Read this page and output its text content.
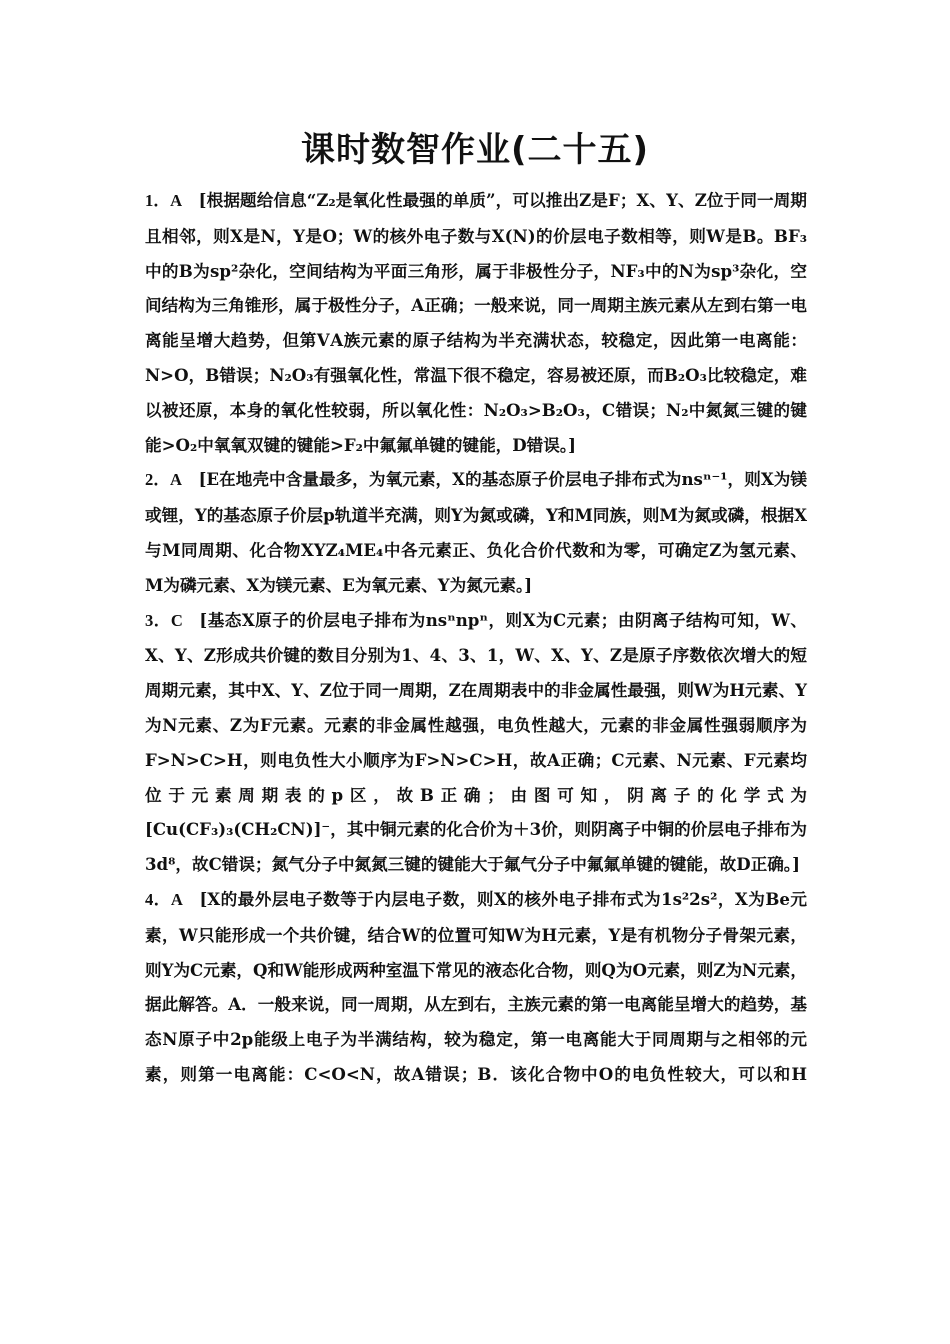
课时数智作业(二十五)

1．A  [根据题给信息“Z₂是氧化性最强的单质”，可以推出Z是F；X、Y、Z位于同一周期且相邻，则X是N，Y是O；W的核外电子数与X(N)的价层电子数相等，则W是B。BF₃中的B为sp²杂化，空间结构为平面三角形，属于非极性分子，NF₃中的N为sp³杂化，空间结构为三角锥形，属于极性分子，A正确；一般来说，同一周期主族元素从左到右第一电离能呈增大趋势，但第ⅤA族元素的原子结构为半充满状态，较稳定，因此第一电离能：N>O，B错误；N₂O₃有强氧化性，常温下很不稳定，容易被还原，而B₂O₃比较稳定，难以被还原，本身的氧化性较弱，所以氧化性：N₂O₃>B₂O₃，C错误；N₂中氮氮三键的键能>O₂中氧氧双键的键能>F₂中氟氟单键的键能，D错误。]

2．A  [E在地壳中含量最多，为氧元素，X的基态原子价层电子排布式为nsⁿ⁻¹，则X为镁或锂，Y的基态原子价层p轨道半充满，则Y为氮或磷，Y和M同族，则M为氮或磷，根据X与M同周期、化合物XYZ₄ME₄中各元素正、负化合价代数和为零，可确定Z为氢元素、M为磷元素、X为镁元素、E为氧元素、Y为氮元素。]

3．C  [基态X原子的价层电子排布为nsⁿnpⁿ，则X为C元素；由阴离子结构可知，W、X、Y、Z形成共价键的数目分别为1、4、3、1，W、X、Y、Z是原子序数依次增大的短周期元素，其中X、Y、Z位于同一周期，Z在周期表中的非金属性最强，则W为H元素、Y为N元素、Z为F元素。元素的非金属性越强，电负性越大，元素的非金属性强弱顺序为F>N>C>H，则电负性大小顺序为F>N>C>H，故A正确；C元素、N元素、F元素均位于元素周期表的p区，故B正确；由图可知，阴离子的化学式为[Cu(CF₃)₃(CH₂CN)]⁻，其中铜元素的化合价为＋3价，则阴离子中铜的价层电子排布为3d⁸，故C错误；氮气分子中氮氮三键的键能大于氟气分子中氟氟单键的键能，故D正确。]

4．A  [X的最外层电子数等于内层电子数，则X的核外电子排布式为1s²2s²，X为Be元素，W只能形成一个共价键，结合W的位置可知W为H元素，Y是有机物分子骨架元素，则Y为C元素，Q和W能形成两种室温下常见的液态化合物，则Q为O元素，则Z为N元素，据此解答。A．一般来说，同一周期，从左到右，主族元素的第一电离能呈增大的趋势，基态N原子中2p能级上电子为半满结构，较为稳定，第一电离能大于同周期与之相邻的元素，则第一电离能：C<O<N，故A错误；B．该化合物中O的电负性较大，可以和H
